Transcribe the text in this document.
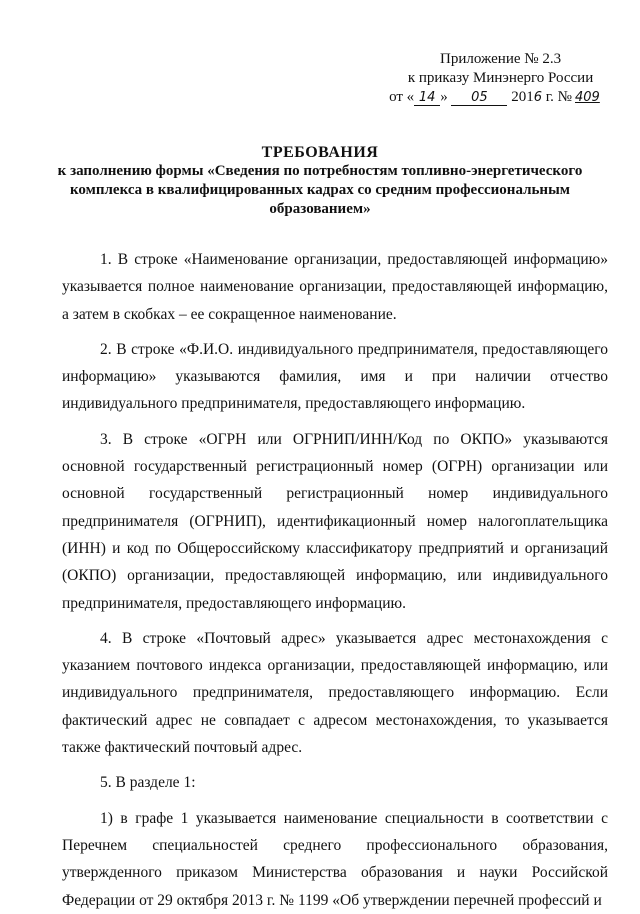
Приложение № 2.3
к приказу Минэнерго России
от « 14 » 05 2016 г. № 409
ТРЕБОВАНИЯ
к заполнению формы «Сведения по потребностям топливно-энергетического комплекса в квалифицированных кадрах со средним профессиональным образованием»

1. В строке «Наименование организации, предоставляющей информацию» указывается полное наименование организации, предоставляющей информацию, а затем в скобках – ее сокращенное наименование.

2. В строке «Ф.И.О. индивидуального предпринимателя, предоставляющего информацию» указываются фамилия, имя и при наличии отчество индивидуального предпринимателя, предоставляющего информацию.

3. В строке «ОГРН или ОГРНИП/ИНН/Код по ОКПО» указываются основной государственный регистрационный номер (ОГРН) организации или основной государственный регистрационный номер индивидуального предпринимателя (ОГРНИП), идентификационный номер налогоплательщика (ИНН) и код по Общероссийскому классификатору предприятий и организаций (ОКПО) организации, предоставляющей информацию, или индивидуального предпринимателя, предоставляющего информацию.

4. В строке «Почтовый адрес» указывается адрес местонахождения с указанием почтового индекса организации, предоставляющей информацию, или индивидуального предпринимателя, предоставляющего информацию. Если фактический адрес не совпадает с адресом местонахождения, то указывается также фактический почтовый адрес.

5. В разделе 1:

1) в графе 1 указывается наименование специальности в соответствии с Перечнем специальностей среднего профессионального образования, утвержденного приказом Министерства образования и науки Российской Федерации от 29 октября 2013 г. № 1199 «Об утверждении перечней профессий и
